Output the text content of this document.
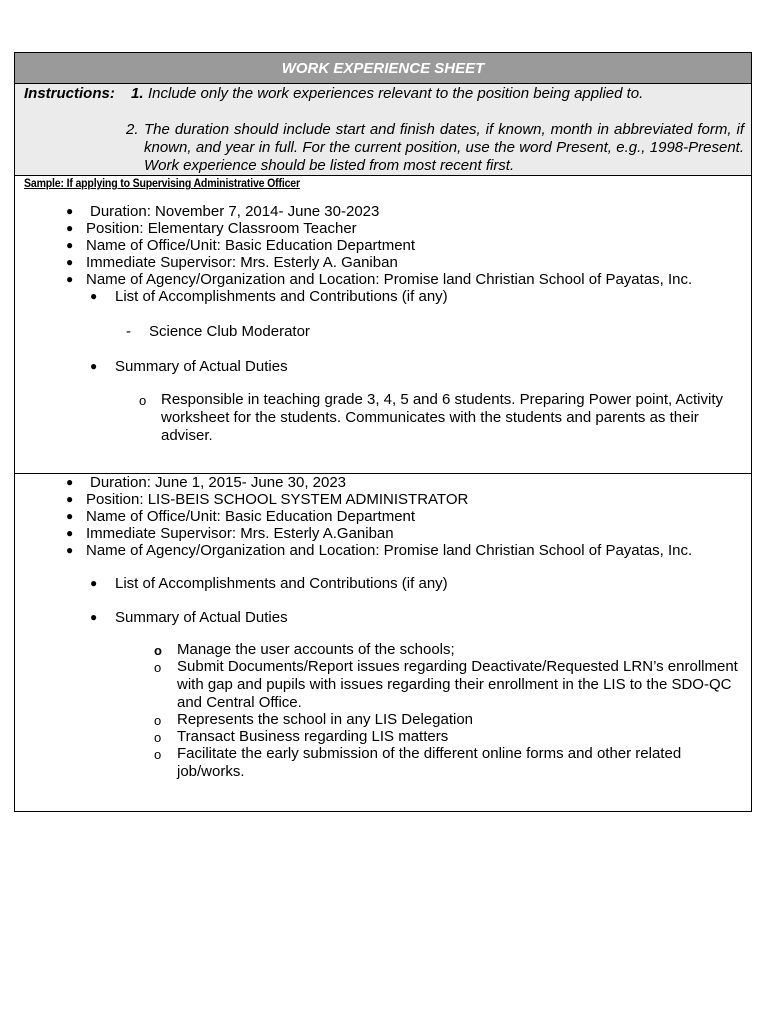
WORK EXPERIENCE SHEET
Instructions: 1. Include only the work experiences relevant to the position being applied to.
2. The duration should include start and finish dates, if known, month in abbreviated form, if known, and year in full. For the current position, use the word Present, e.g., 1998-Present. Work experience should be listed from most recent first.
Sample: If applying to Supervising Administrative Officer
● Duration: November 7, 2014- June 30-2023
● Position: Elementary Classroom Teacher
● Name of Office/Unit: Basic Education Department
● Immediate Supervisor: Mrs. Esterly A. Ganiban
● Name of Agency/Organization and Location: Promise land Christian School of Payatas, Inc.
● List of Accomplishments and Contributions (if any)
- Science Club Moderator
● Summary of Actual Duties
o Responsible in teaching grade 3, 4, 5 and 6 students. Preparing Power point, Activity worksheet for the students. Communicates with the students and parents as their adviser.
● Duration: June 1, 2015- June 30, 2023
● Position: LIS-BEIS SCHOOL SYSTEM ADMINISTRATOR
● Name of Office/Unit: Basic Education Department
● Immediate Supervisor: Mrs. Esterly A.Ganiban
● Name of Agency/Organization and Location: Promise land Christian School of Payatas, Inc.
● List of Accomplishments and Contributions (if any)
● Summary of Actual Duties
o Manage the user accounts of the schools;
o Submit Documents/Report issues regarding Deactivate/Requested LRN’s enrollment with gap and pupils with issues regarding their enrollment in the LIS to the SDO-QC and Central Office.
o Represents the school in any LIS Delegation
o Transact Business regarding LIS matters
o Facilitate the early submission of the different online forms and other related job/works.
